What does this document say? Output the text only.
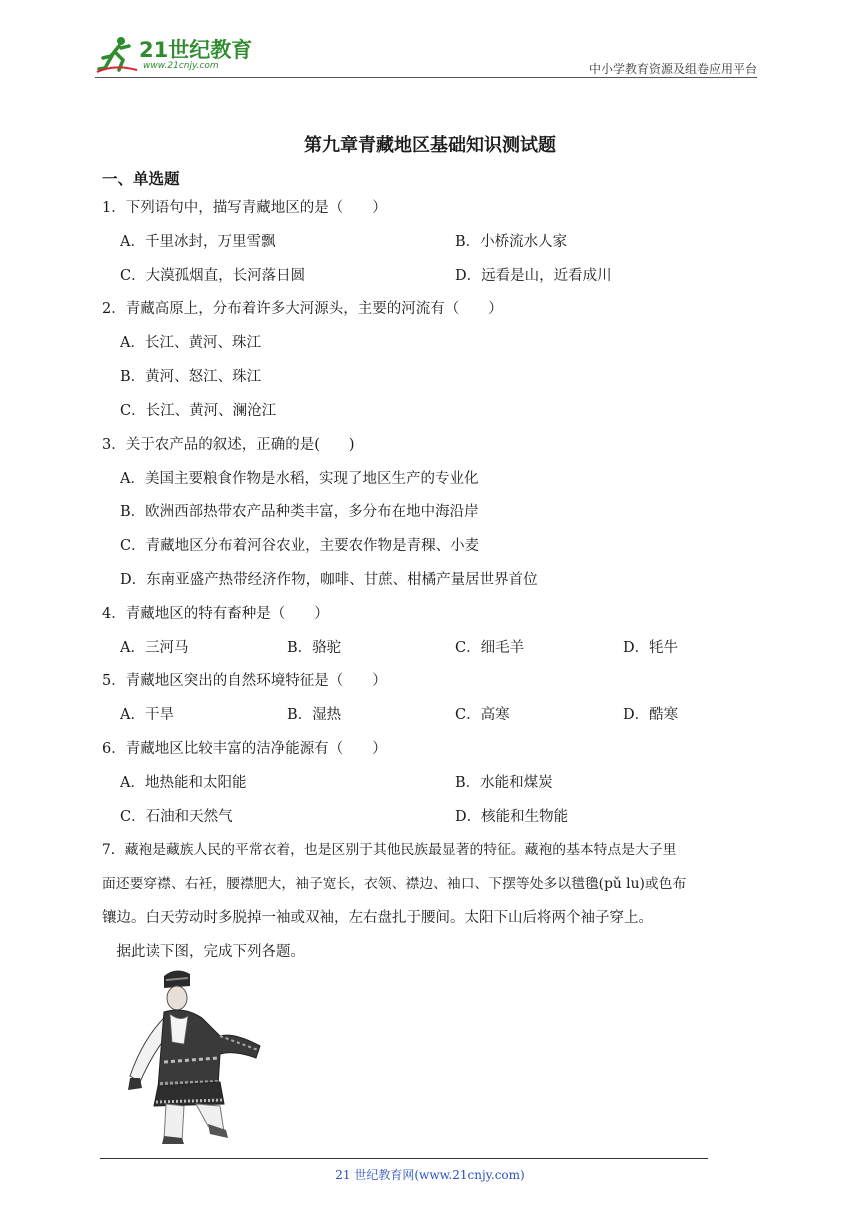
21世纪教育
www.21cnjy.com	中小学教育资源及组卷应用平台
第九章青藏地区基础知识测试题
一、单选题
1．下列语句中，描写青藏地区的是（　　）
A．千里冰封，万里雪飘	B．小桥流水人家
C．大漠孤烟直，长河落日圆	D．远看是山，近看成川
2．青藏高原上，分布着许多大河源头，主要的河流有（　　）
A．长江、黄河、珠江
B．黄河、怒江、珠江
C．长江、黄河、澜沧江
3．关于农产品的叙述，正确的是(　　)
A．美国主要粮食作物是水稻，实现了地区生产的专业化
B．欧洲西部热带农产品种类丰富，多分布在地中海沿岸
C．青藏地区分布着河谷农业，主要农作物是青稞、小麦
D．东南亚盛产热带经济作物，咖啡、甘蔗、柑橘产量居世界首位
4．青藏地区的特有畜种是（　　）
A．三河马	B．骆驼	C．细毛羊	D．牦牛
5．青藏地区突出的自然环境特征是（　　）
A．干旱	B．湿热	C．高寒	D．酷寒
6．青藏地区比较丰富的洁净能源有（　　）
A．地热能和太阳能	B．水能和煤炭
C．石油和天然气	D．核能和生物能
7．藏袍是藏族人民的平常衣着，也是区别于其他民族最显著的特征。藏袍的基本特点是大子里
面还要穿襟、右衽，腰襟肥大，袖子宽长，衣领、襟边、袖口、下摆等处多以氆氇(pǔ lu)或色布
镶边。白天劳动时多脱掉一袖或双袖，左右盘扎于腰间。太阳下山后将两个袖子穿上。
　据此读下图，完成下列各题。
21 世纪教育网(www.21cnjy.com)
